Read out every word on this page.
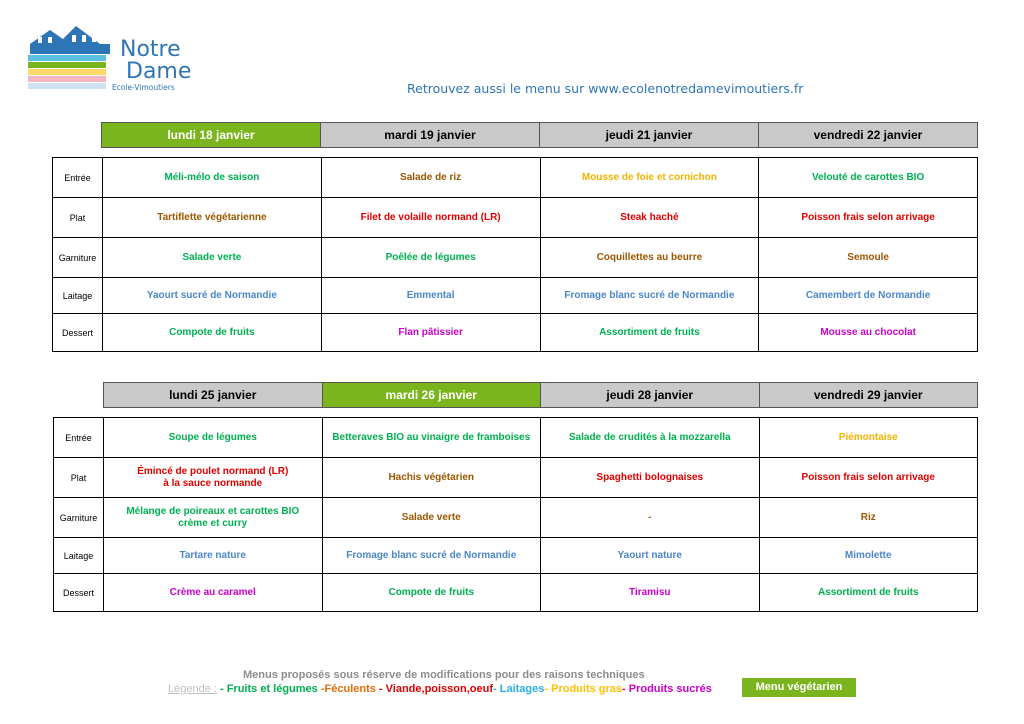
Notre
Dame
Ecole-Vimoutiers	Retrouvez aussi le menu sur www.ecolenotredamevimoutiers.fr
lundi 18 janvier	mardi 19 janvier	jeudi 21 janvier	vendredi 22 janvier
Entrée	Méli-mélo de saison	Salade de riz	Mousse de foie et cornichon	Velouté de carottes BIO
Plat	Tartiflette végétarienne	Filet de volaille normand (LR)	Steak haché	Poisson frais selon arrivage
Garniture	Salade verte	Poêlée de légumes	Coquillettes au beurre	Semoule
Laitage	Yaourt sucré de Normandie	Emmental	Fromage blanc sucré de Normandie	Camembert de Normandie
Dessert	Compote de fruits	Flan pâtissier	Assortiment de fruits	Mousse au chocolat
lundi 25 janvier	mardi 26 janvier	jeudi 28 janvier	vendredi 29 janvier
Entrée	Soupe de légumes	Betteraves BIO au vinaigre de framboises	Salade de crudités à la mozzarella	Piémontaise
Plat	Émincé de poulet normand (LR)
à la sauce normande	Hachis végétarien	Spaghetti bolognaises	Poisson frais selon arrivage
Garniture	Mélange de poireaux et carottes BIO
crème et curry	Salade verte	-	Riz
Laitage	Tartare nature	Fromage blanc sucré de Normandie	Yaourt nature	Mimolette
Dessert	Crème au caramel	Compote de fruits	Tiramisu	Assortiment de fruits
Menus proposés sous réserve de modifications pour des raisons techniques
Légende : - Fruits et légumes -Féculents - Viande,poisson,oeuf- Laitages- Produits gras- Produits sucrés	Menu végétarien
